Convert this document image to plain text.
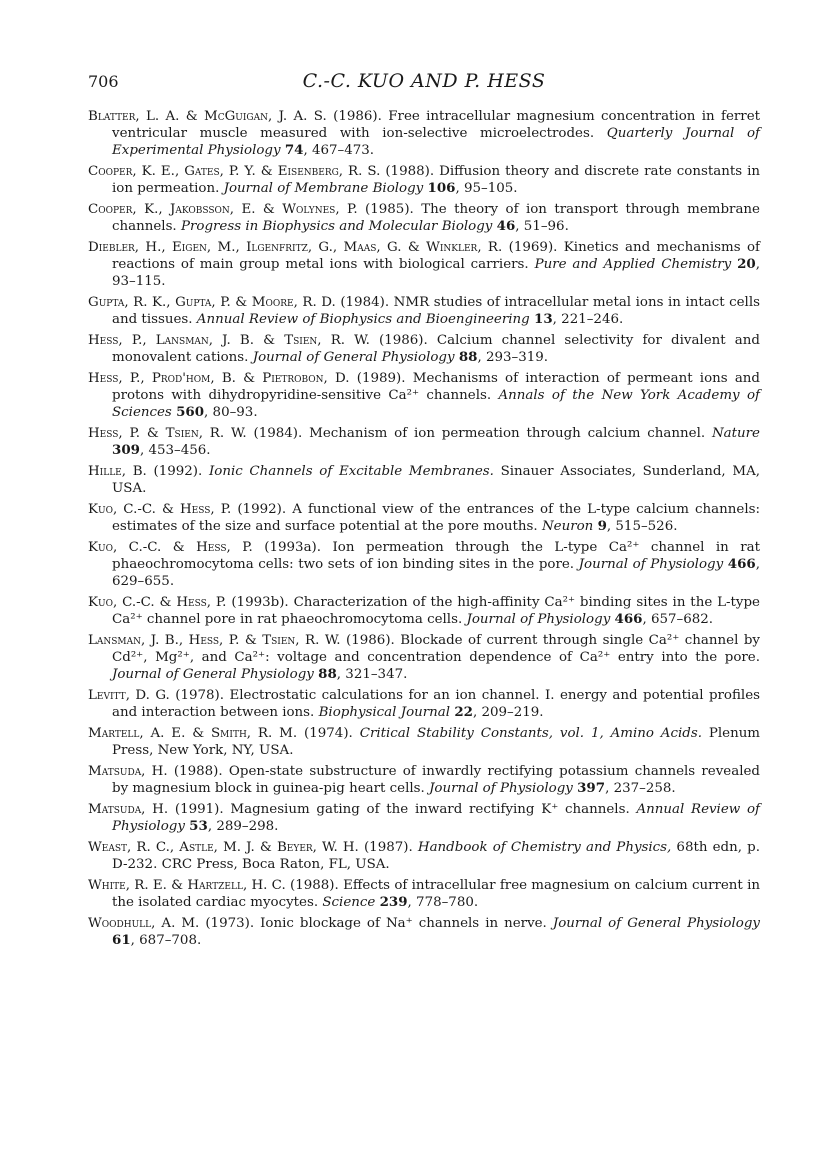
706	C.-C. KUO AND P. HESS
Blatter, L. A. & McGuigan, J. A. S. (1986). Free intracellular magnesium concentration in ferret ventricular muscle measured with ion-selective microelectrodes. Quarterly Journal of Experimental Physiology 74, 467–473.
Cooper, K. E., Gates, P. Y. & Eisenberg, R. S. (1988). Diffusion theory and discrete rate constants in ion permeation. Journal of Membrane Biology 106, 95–105.
Cooper, K., Jakobsson, E. & Wolynes, P. (1985). The theory of ion transport through membrane channels. Progress in Biophysics and Molecular Biology 46, 51–96.
Diebler, H., Eigen, M., Ilgenfritz, G., Maas, G. & Winkler, R. (1969). Kinetics and mechanisms of reactions of main group metal ions with biological carriers. Pure and Applied Chemistry 20, 93–115.
Gupta, R. K., Gupta, P. & Moore, R. D. (1984). NMR studies of intracellular metal ions in intact cells and tissues. Annual Review of Biophysics and Bioengineering 13, 221–246.
Hess, P., Lansman, J. B. & Tsien, R. W. (1986). Calcium channel selectivity for divalent and monovalent cations. Journal of General Physiology 88, 293–319.
Hess, P., Prod'hom, B. & Pietrobon, D. (1989). Mechanisms of interaction of permeant ions and protons with dihydropyridine-sensitive Ca²⁺ channels. Annals of the New York Academy of Sciences 560, 80–93.
Hess, P. & Tsien, R. W. (1984). Mechanism of ion permeation through calcium channel. Nature 309, 453–456.
Hille, B. (1992). Ionic Channels of Excitable Membranes. Sinauer Associates, Sunderland, MA, USA.
Kuo, C.-C. & Hess, P. (1992). A functional view of the entrances of the L-type calcium channels: estimates of the size and surface potential at the pore mouths. Neuron 9, 515–526.
Kuo, C.-C. & Hess, P. (1993a). Ion permeation through the L-type Ca²⁺ channel in rat phaeochromocytoma cells: two sets of ion binding sites in the pore. Journal of Physiology 466, 629–655.
Kuo, C.-C. & Hess, P. (1993b). Characterization of the high-affinity Ca²⁺ binding sites in the L-type Ca²⁺ channel pore in rat phaeochromocytoma cells. Journal of Physiology 466, 657–682.
Lansman, J. B., Hess, P. & Tsien, R. W. (1986). Blockade of current through single Ca²⁺ channel by Cd²⁺, Mg²⁺, and Ca²⁺: voltage and concentration dependence of Ca²⁺ entry into the pore. Journal of General Physiology 88, 321–347.
Levitt, D. G. (1978). Electrostatic calculations for an ion channel. I. energy and potential profiles and interaction between ions. Biophysical Journal 22, 209–219.
Martell, A. E. & Smith, R. M. (1974). Critical Stability Constants, vol. 1, Amino Acids. Plenum Press, New York, NY, USA.
Matsuda, H. (1988). Open-state substructure of inwardly rectifying potassium channels revealed by magnesium block in guinea-pig heart cells. Journal of Physiology 397, 237–258.
Matsuda, H. (1991). Magnesium gating of the inward rectifying K⁺ channels. Annual Review of Physiology 53, 289–298.
Weast, R. C., Astle, M. J. & Beyer, W. H. (1987). Handbook of Chemistry and Physics, 68th edn, p. D-232. CRC Press, Boca Raton, FL, USA.
White, R. E. & Hartzell, H. C. (1988). Effects of intracellular free magnesium on calcium current in the isolated cardiac myocytes. Science 239, 778–780.
Woodhull, A. M. (1973). Ionic blockage of Na⁺ channels in nerve. Journal of General Physiology 61, 687–708.
